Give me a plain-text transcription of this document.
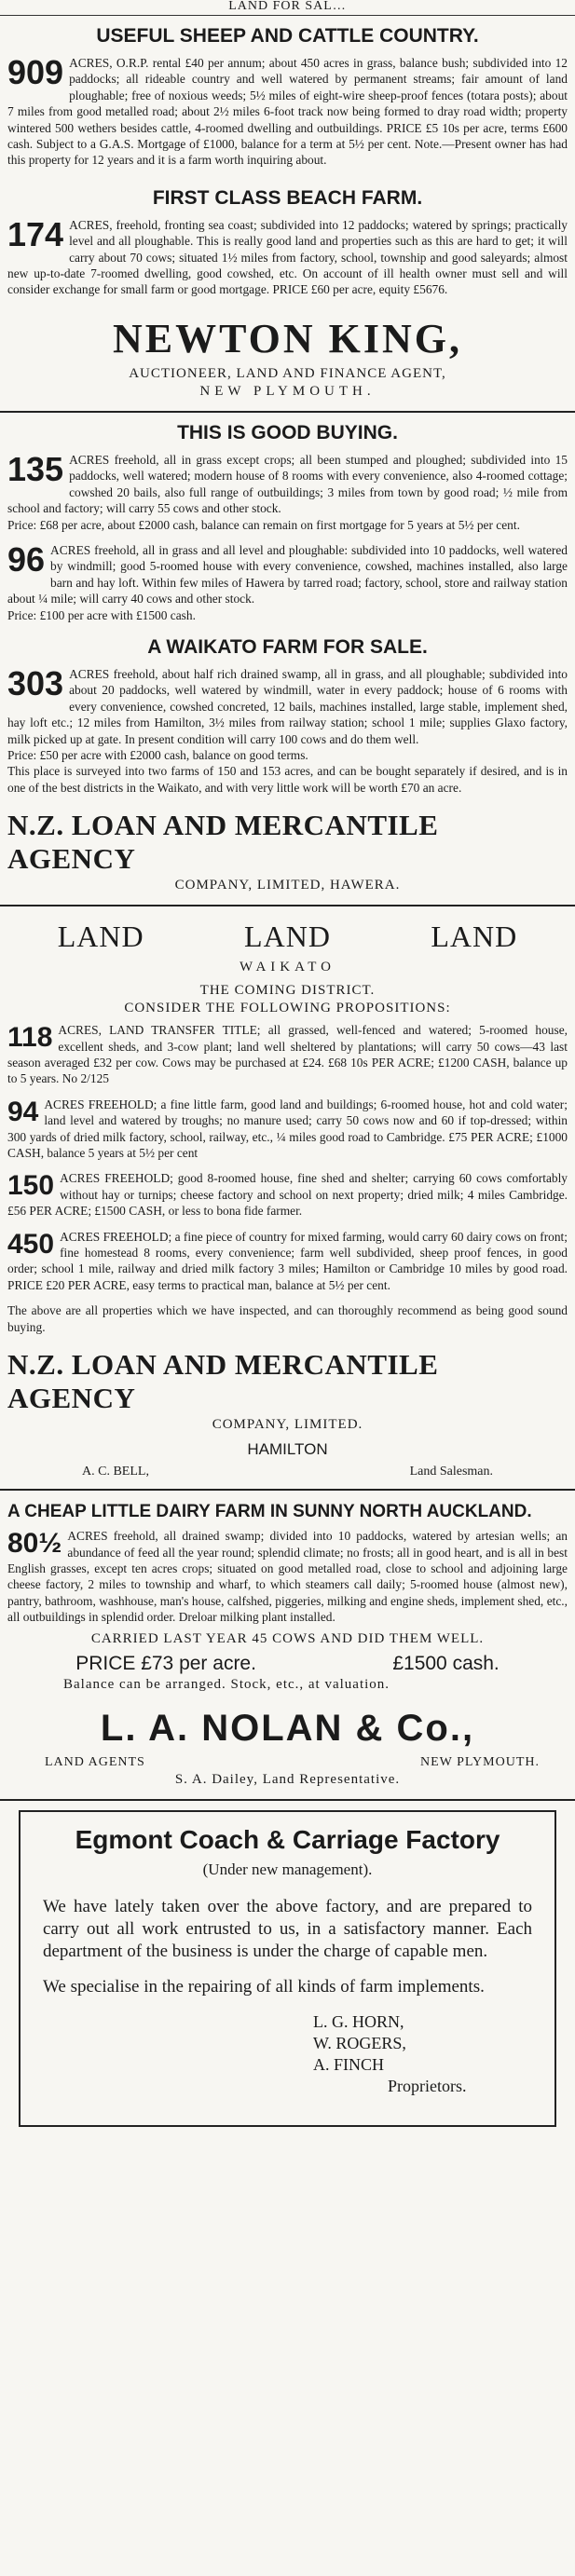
LAND FOR SAL…
USEFUL SHEEP AND CATTLE COUNTRY.
909 ACRES, O.R.P. rental £40 per annum; about 450 acres in grass, balance bush; subdivided into 12 paddocks; all rideable country and well watered by permanent streams; fair amount of land ploughable; free of noxious weeds; 5½ miles of eight-wire sheep-proof fences (totara posts); about 7 miles from good metalled road; about 2½ miles 6-foot track now being formed to dray road width; property wintered 500 wethers besides cattle, 4-roomed dwelling and outbuildings. PRICE £5 10s per acre, terms £600 cash. Subject to a G.A.S. Mortgage of £1000, balance for a term at 5½ per cent. Note.—Present owner has had this property for 12 years and it is a farm worth inquiring about.
FIRST CLASS BEACH FARM.
174 ACRES, freehold, fronting sea coast; subdivided into 12 paddocks; watered by springs; practically level and all ploughable. This is really good land and properties such as this are hard to get; it will carry about 70 cows; situated 1½ miles from factory, school, township and good saleyards; almost new up-to-date 7-roomed dwelling, good cowshed, etc. On account of ill health owner must sell and will consider exchange for small farm or good mortgage. PRICE £60 per acre, equity £5676.
NEWTON KING,
AUCTIONEER, LAND AND FINANCE AGENT,
NEW PLYMOUTH.
THIS IS GOOD BUYING.
135 ACRES freehold, all in grass except crops; all been stumped and ploughed; subdivided into 15 paddocks, well watered; modern house of 8 rooms with every convenience, also 4-roomed cottage; cowshed 20 bails, also full range of outbuildings; 3 miles from town by good road; ½ mile from school and factory; will carry 55 cows and other stock.
Price: £68 per acre, about £2000 cash, balance can remain on first mortgage for 5 years at 5½ per cent.
96 ACRES freehold, all in grass and all level and ploughable: subdivided into 10 paddocks, well watered by windmill; good 5-roomed house with every convenience, cowshed, machines installed, also large barn and hay loft. Within few miles of Hawera by tarred road; factory, school, store and railway station about ¼ mile; will carry 40 cows and other stock.
Price: £100 per acre with £1500 cash.
A WAIKATO FARM FOR SALE.
303 ACRES freehold, about half rich drained swamp, all in grass, and all ploughable; subdivided into about 20 paddocks, well watered by windmill, water in every paddock; house of 6 rooms with every convenience, cowshed concreted, 12 bails, machines installed, large stable, implement shed, hay loft etc.; 12 miles from Hamilton, 3½ miles from railway station; school 1 mile; supplies Glaxo factory, milk picked up at gate. In present condition will carry 100 cows and do them well.
Price: £50 per acre with £2000 cash, balance on good terms.
This place is surveyed into two farms of 150 and 153 acres, and can be bought separately if desired, and is in one of the best districts in the Waikato, and with very little work will be worth £70 an acre.
N.Z. LOAN AND MERCANTILE AGENCY
COMPANY, LIMITED, HAWERA.
LAND	LAND	LAND
WAIKATO
THE COMING DISTRICT.
CONSIDER THE FOLLOWING PROPOSITIONS:
118 ACRES, LAND TRANSFER TITLE; all grassed, well-fenced and watered; 5-roomed house, excellent sheds, and 3-cow plant; land well sheltered by plantations; will carry 50 cows—43 last season averaged £32 per cow. Cows may be purchased at £24. £68 10s PER ACRE; £1200 CASH, balance up to 5 years. No 2/125
94 ACRES FREEHOLD; a fine little farm, good land and buildings; 6-roomed house, hot and cold water; land level and watered by troughs; no manure used; carry 50 cows now and 60 if top-dressed; within 300 yards of dried milk factory, school, railway, etc., ¼ miles good road to Cambridge. £75 PER ACRE; £1000 CASH, balance 5 years at 5½ per cent
150 ACRES FREEHOLD; good 8-roomed house, fine shed and shelter; carrying 60 cows comfortably without hay or turnips; cheese factory and school on next property; dried milk; 4 miles Cambridge. £56 PER ACRE; £1500 CASH, or less to bona fide farmer.
450 ACRES FREEHOLD; a fine piece of country for mixed farming, would carry 60 dairy cows on front; fine homestead 8 rooms, every convenience; farm well subdivided, sheep proof fences, in good order; school 1 mile, railway and dried milk factory 3 miles; Hamilton or Cambridge 10 miles by good road. PRICE £20 PER ACRE, easy terms to practical man, balance at 5½ per cent.
The above are all properties which we have inspected, and can thoroughly recommend as being good sound buying.
N.Z. LOAN AND MERCANTILE AGENCY
COMPANY, LIMITED.
HAMILTON
A. C. BELL,	Land Salesman.
A CHEAP LITTLE DAIRY FARM IN SUNNY NORTH AUCKLAND.
80½ ACRES freehold, all drained swamp; divided into 10 paddocks, watered by artesian wells; an abundance of feed all the year round; splendid climate; no frosts; all in good heart, and is all in best English grasses, except ten acres crops; situated on good metalled road, close to school and adjoining large cheese factory, 2 miles to township and wharf, to which steamers call daily; 5-roomed house (almost new), pantry, bathroom, washhouse, man's house, calfshed, piggeries, milking and engine sheds, implement shed, etc., all outbuildings in splendid order. Dreloar milking plant installed.
CARRIED LAST YEAR 45 COWS AND DID THEM WELL.
PRICE £73 per acre.	£1500 cash.
Balance can be arranged. Stock, etc., at valuation.
L. A. NOLAN & Co.,
LAND AGENTS	NEW PLYMOUTH.
S. A. Dailey, Land Representative.
Egmont Coach & Carriage Factory
(Under new management).

We have lately taken over the above factory, and are prepared to carry out all work entrusted to us, in a satisfactory manner. Each department of the business is under the charge of capable men.

We specialise in the repairing of all kinds of farm implements.

L. G. HORN,
W. ROGERS,
A. FINCH
Proprietors.
